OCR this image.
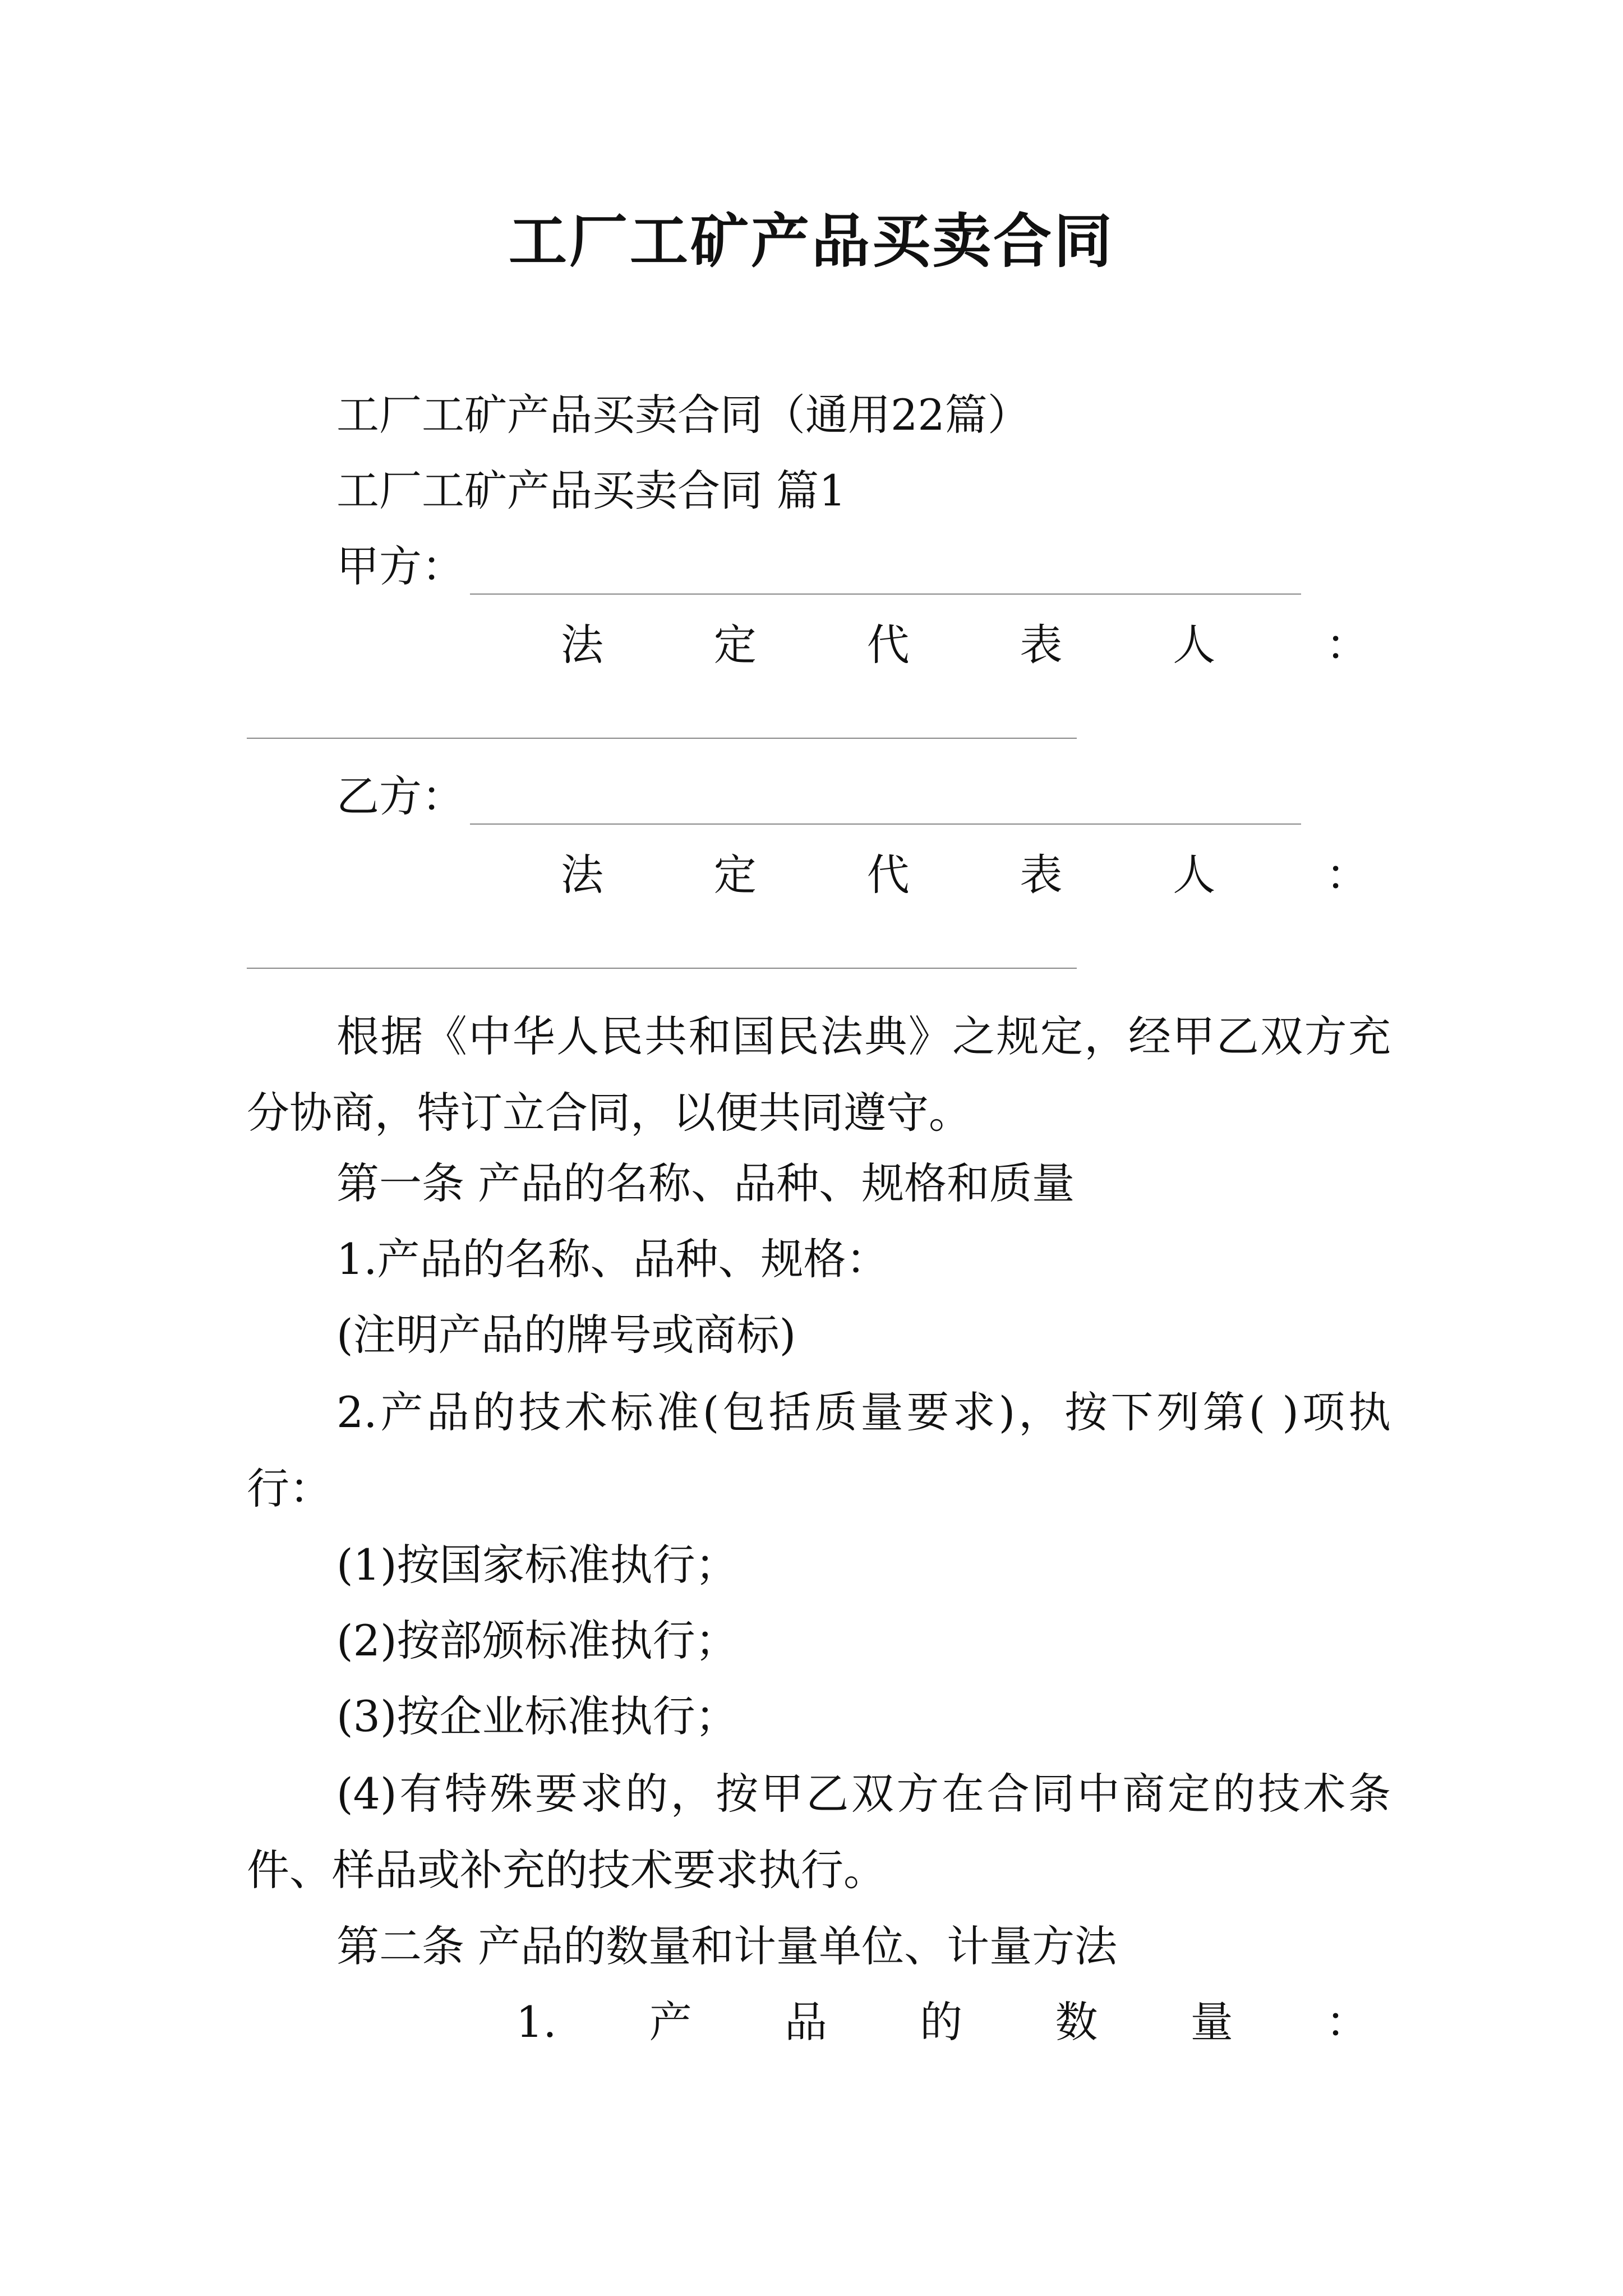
工厂工矿产品买卖合同
工厂工矿产品买卖合同（通用22篇）
工厂工矿产品买卖合同 篇1
甲方：
法	定	代	表	人	：
乙方：
法	定	代	表	人	：
根据《中华人民共和国民法典》之规定，经甲乙双方充分协商，特订立合同，以便共同遵守。
第一条 产品的名称、品种、规格和质量
1.产品的名称、品种、规格：
(注明产品的牌号或商标)
2.产品的技术标准(包括质量要求)，按下列第( )项执行：
(1)按国家标准执行；
(2)按部颁标准执行；
(3)按企业标准执行；
(4)有特殊要求的，按甲乙双方在合同中商定的技术条件、样品或补充的技术要求执行。
第二条 产品的数量和计量单位、计量方法
1. 产 品 的 数 量 ：
